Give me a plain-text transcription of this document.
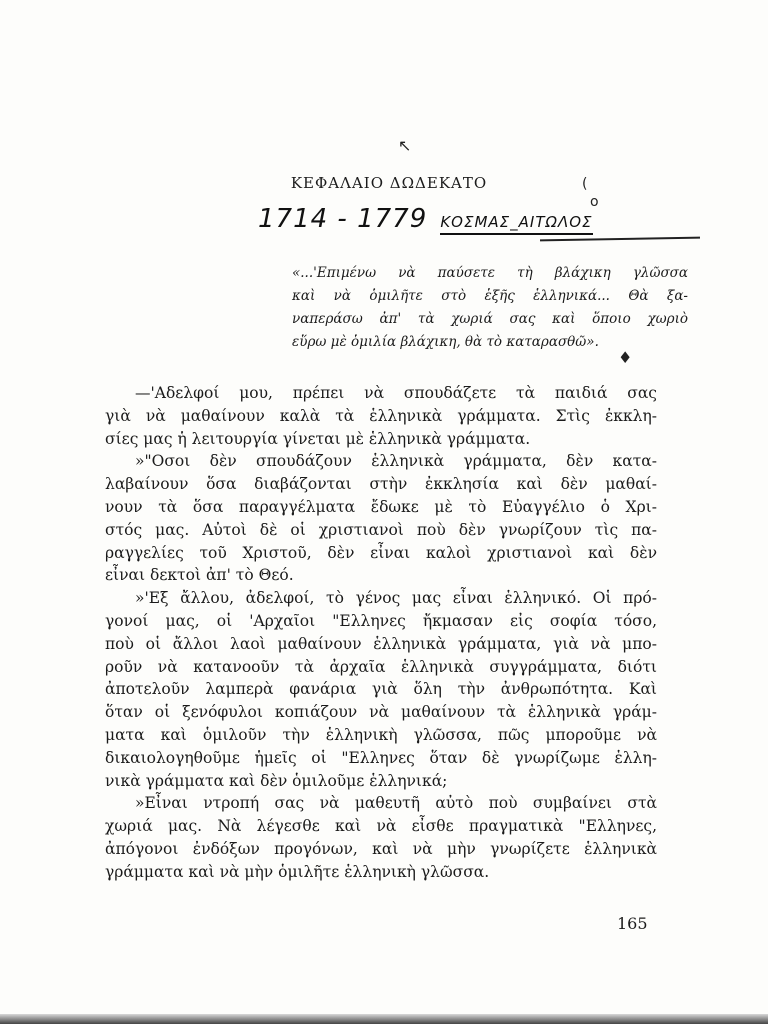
↖
(
o
♦
ΚΕΦΑΛΑΙΟ ΔΩΔΕΚΑΤΟ
1714 - 1779 ΚΟΣΜΑΣ_ΑΙΤΩΛΟΣ
«...'Επιμένω νὰ παύσετε τὴ βλάχικη γλῶσσα
καὶ νὰ ὁμιλῆτε στὸ ἑξῆς ἑλληνικά... Θὰ ξα-
ναπεράσω ἀπ' τὰ χωριά σας καὶ ὅποιο χωριὸ
εὕρω μὲ ὁμιλία βλάχικη, θὰ τὸ καταρασθῶ».
—'Αδελφοί μου, πρέπει νὰ σπουδάζετε τὰ παιδιά σας
γιὰ νὰ μαθαίνουν καλὰ τὰ ἑλληνικὰ γράμματα. Στὶς ἐκκλη-
σίες μας ἡ λειτουργία γίνεται μὲ ἑλληνικὰ γράμματα.
»"Οσοι δὲν σπουδάζουν ἑλληνικὰ γράμματα, δὲν κατα-
λαβαίνουν ὅσα διαβάζονται στὴν ἐκκλησία καὶ δὲν μαθαί-
νουν τὰ ὅσα παραγγέλματα ἔδωκε μὲ τὸ Εὐαγγέλιο ὁ Χρι-
στός μας. Αὐτοὶ δὲ οἱ χριστιανοὶ ποὺ δὲν γνωρίζουν τὶς πα-
ραγγελίες τοῦ Χριστοῦ, δὲν εἶναι καλοὶ χριστιανοὶ καὶ δὲν
εἶναι δεκτοὶ ἀπ' τὸ Θεό.
»'Εξ ἄλλου, ἀδελφοί, τὸ γένος μας εἶναι ἑλληνικό. Οἱ πρό-
γονοί μας, οἱ 'Αρχαῖοι "Ελληνες ἤκμασαν εἰς σοφία τόσο,
ποὺ οἱ ἄλλοι λαοὶ μαθαίνουν ἑλληνικὰ γράμματα, γιὰ νὰ μπο-
ροῦν νὰ κατανοοῦν τὰ ἀρχαῖα ἑλληνικὰ συγγράμματα, διότι
ἀποτελοῦν λαμπερὰ φανάρια γιὰ ὅλη τὴν ἀνθρωπότητα. Καὶ
ὅταν οἱ ξενόφυλοι κοπιάζουν νὰ μαθαίνουν τὰ ἑλληνικὰ γράμ-
ματα καὶ ὁμιλοῦν τὴν ἑλληνικὴ γλῶσσα, πῶς μποροῦμε νὰ
δικαιολογηθοῦμε ἡμεῖς οἱ "Ελληνες ὅταν δὲ γνωρίζωμε ἑλλη-
νικὰ γράμματα καὶ δὲν ὁμιλοῦμε ἑλληνικά;
»Εἶναι ντροπή σας νὰ μαθευτῆ αὐτὸ ποὺ συμβαίνει στὰ
χωριά μας. Νὰ λέγεσθε καὶ νὰ εἶσθε πραγματικὰ "Ελληνες,
ἀπόγονοι ἐνδόξων προγόνων, καὶ νὰ μὴν γνωρίζετε ἑλληνικὰ
γράμματα καὶ νὰ μὴν ὁμιλῆτε ἑλληνικὴ γλῶσσα.
165
